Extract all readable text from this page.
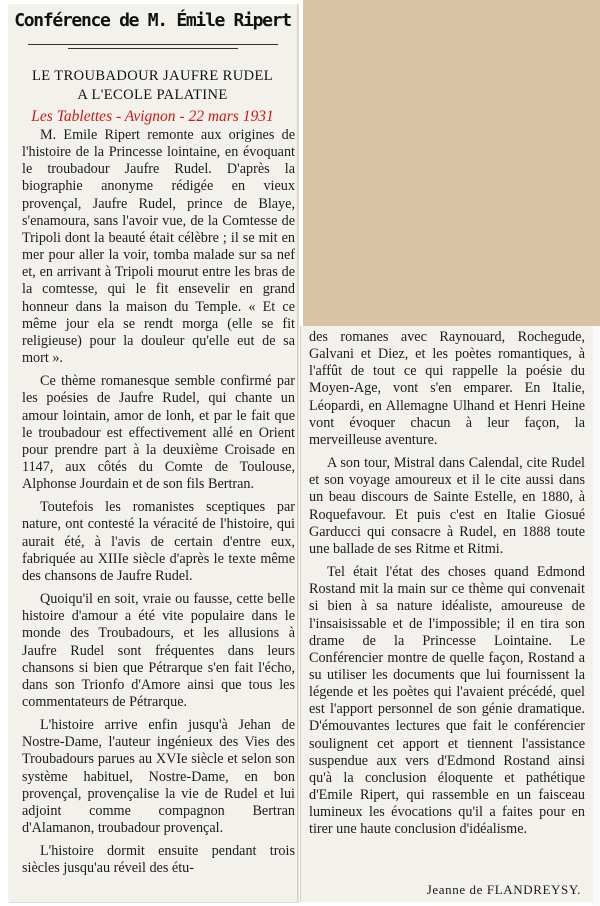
Conférence de M. Émile Ripert
LE TROUBADOUR JAUFRE RUDEL
A L'ECOLE PALATINE
Les Tablettes - Avignon - 22 mars 1931

M. Emile Ripert remonte aux origines de l'histoire de la Princesse lointaine, en évoquant le troubadour Jaufre Rudel. D'après la biographie anonyme rédigée en vieux provençal, Jaufre Rudel, prince de Blaye, s'enamoura, sans l'avoir vue, de la Comtesse de Tripoli dont la beauté était célèbre ; il se mit en mer pour aller la voir, tomba malade sur sa nef et, en arrivant à Tripoli mourut entre les bras de la comtesse, qui le fit ensevelir en grand honneur dans la maison du Temple. « Et ce même jour ela se rendt morga (elle se fit religieuse) pour la douleur qu'elle eut de sa mort ».

Ce thème romanesque semble confirmé par les poésies de Jaufre Rudel, qui chante un amour lointain, amor de lonh, et par le fait que le troubadour est effectivement allé en Orient pour prendre part à la deuxième Croisade en 1147, aux côtés du Comte de Toulouse, Alphonse Jourdain et de son fils Bertran.

Toutefois les romanistes sceptiques par nature, ont contesté la véracité de l'histoire, qui aurait été, à l'avis de certain d'entre eux, fabriquée au XIIIe siècle d'après le texte même des chansons de Jaufre Rudel.

Quoiqu'il en soit, vraie ou fausse, cette belle histoire d'amour a été vite populaire dans le monde des Troubadours, et les allusions à Jaufre Rudel sont fréquentes dans leurs chansons si bien que Pétrarque s'en fait l'écho, dans son Trionfo d'Amore ainsi que tous les commentateurs de Pétrarque.

L'histoire arrive enfin jusqu'à Jehan de Nostre-Dame, l'auteur ingénieux des Vies des Troubadours parues au XVIe siècle et selon son système habituel, Nostre-Dame, en bon provençal, provençalise la vie de Rudel et lui adjoint comme compagnon Bertran d'Alamanon, troubadour provençal.

L'histoire dormit ensuite pendant trois siècles jusqu'au réveil des étu-

des romanes avec Raynouard, Rochegude, Galvani et Diez, et les poètes romantiques, à l'affût de tout ce qui rappelle la poésie du Moyen-Age, vont s'en emparer. En Italie, Léopardi, en Allemagne Ulhand et Henri Heine vont évoquer chacun à leur façon, la merveilleuse aventure.

A son tour, Mistral dans Calendal, cite Rudel et son voyage amoureux et il le cite aussi dans un beau discours de Sainte Estelle, en 1880, à Roquefavour. Et puis c'est en Italie Giosué Garducci qui consacre à Rudel, en 1888 toute une ballade de ses Ritme et Ritmi.

Tel était l'état des choses quand Edmond Rostand mit la main sur ce thème qui convenait si bien à sa nature idéaliste, amoureuse de l'insaisissable et de l'impossible; il en tira son drame de la Princesse Lointaine. Le Conférencier montre de quelle façon, Rostand a su utiliser les documents que lui fournissent la légende et les poètes qui l'avaient précédé, quel est l'apport personnel de son génie dramatique. D'émouvantes lectures que fait le conférencier soulignent cet apport et tiennent l'assistance suspendue aux vers d'Edmond Rostand ainsi qu'à la conclusion éloquente et pathétique d'Emile Ripert, qui rassemble en un faisceau lumineux les évocations qu'il a faites pour en tirer une haute conclusion d'idéalisme.

Jeanne de FLANDREYSY.
